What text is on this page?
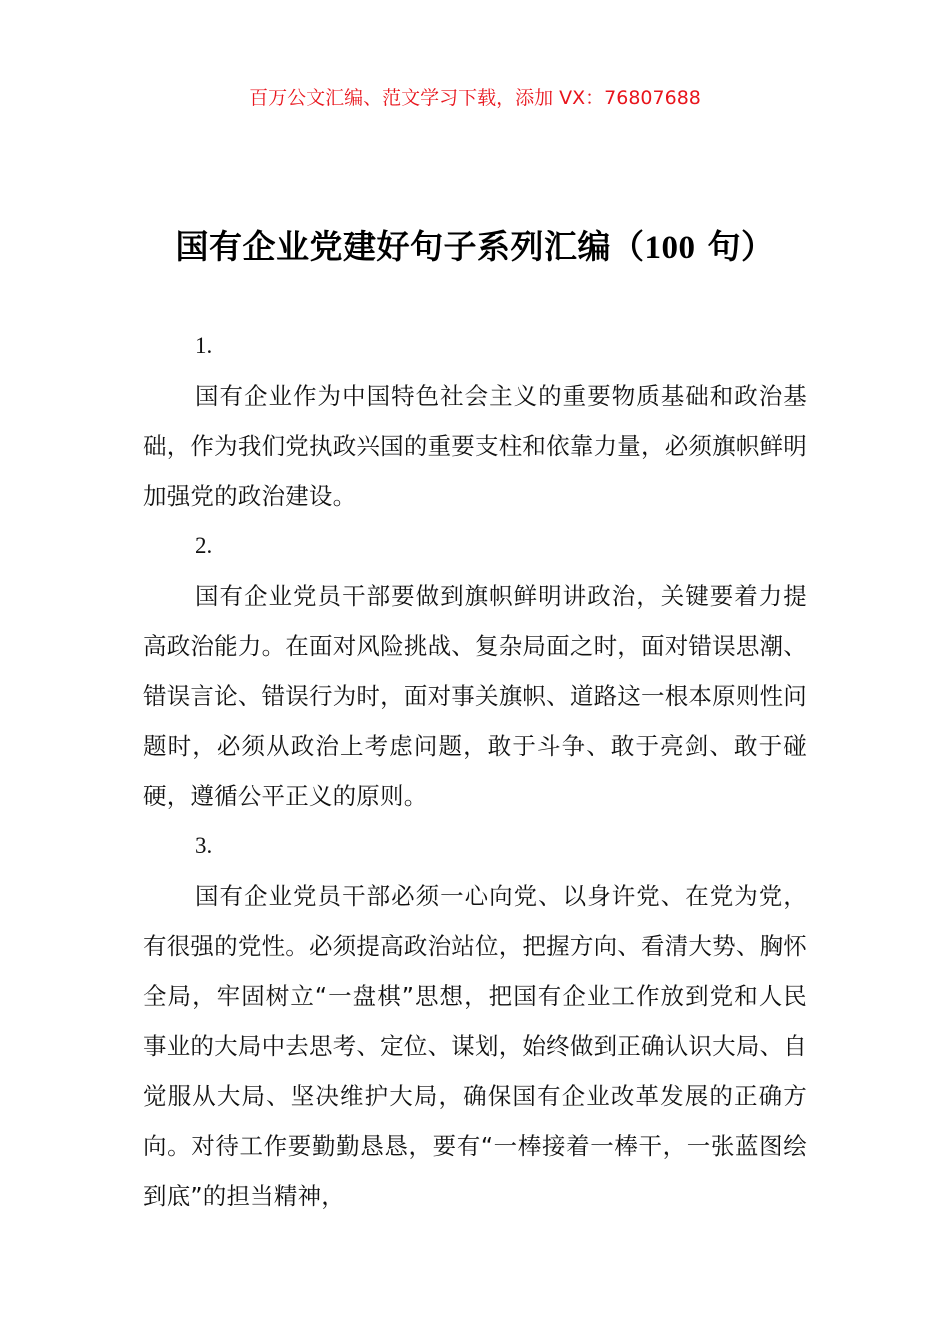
百万公文汇编、范文学习下载，添加 VX：76807688
国有企业党建好句子系列汇编（100 句）
1.

国有企业作为中国特色社会主义的重要物质基础和政治基础，作为我们党执政兴国的重要支柱和依靠力量，必须旗帜鲜明加强党的政治建设。

2.

国有企业党员干部要做到旗帜鲜明讲政治，关键要着力提高政治能力。在面对风险挑战、复杂局面之时，面对错误思潮、错误言论、错误行为时，面对事关旗帜、道路这一根本原则性问题时，必须从政治上考虑问题，敢于斗争、敢于亮剑、敢于碰硬，遵循公平正义的原则。

3.

国有企业党员干部必须一心向党、以身许党、在党为党，有很强的党性。必须提高政治站位，把握方向、看清大势、胸怀全局，牢固树立“一盘棋”思想，把国有企业工作放到党和人民事业的大局中去思考、定位、谋划，始终做到正确认识大局、自觉服从大局、坚决维护大局，确保国有企业改革发展的正确方向。对待工作要勤勤恳恳，要有“一棒接着一棒干，一张蓝图绘到底”的担当精神，
